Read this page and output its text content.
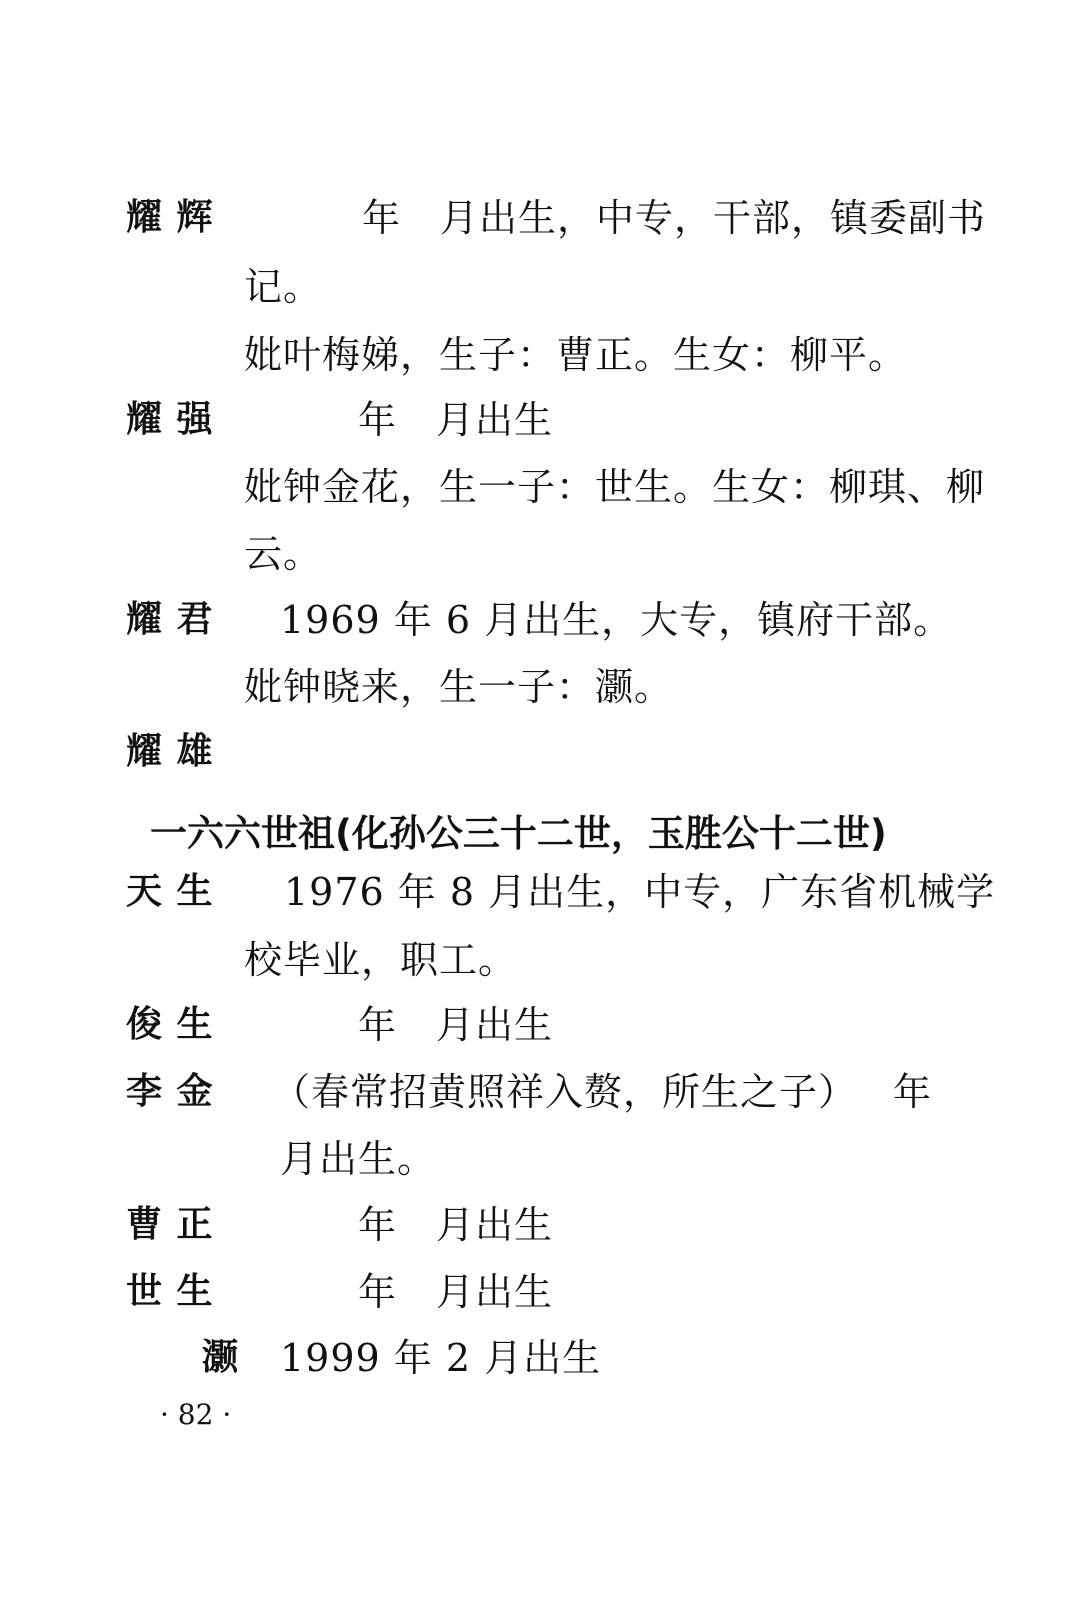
耀 辉	年　月出生，中专，干部，镇委副书
记。
妣叶梅娣，生子：曹正。生女：柳平。
耀 强	年　月出生
妣钟金花，生一子：世生。生女：柳琪、柳
云。
耀 君 1969 年 6 月出生，大专，镇府干部。
妣钟晓来，生一子：灏。
耀 雄
一六六世祖(化孙公三十二世，玉胜公十二世)
天 生 1976 年 8 月出生，中专，广东省机械学
校毕业，职工。
俊 生	年　月出生
李 金 （春常招黄照祥入赘，所生之子） 年
月出生。
曹 正	年　月出生
世 生	年　月出生
灏 1999 年 2 月出生
· 82 ·
